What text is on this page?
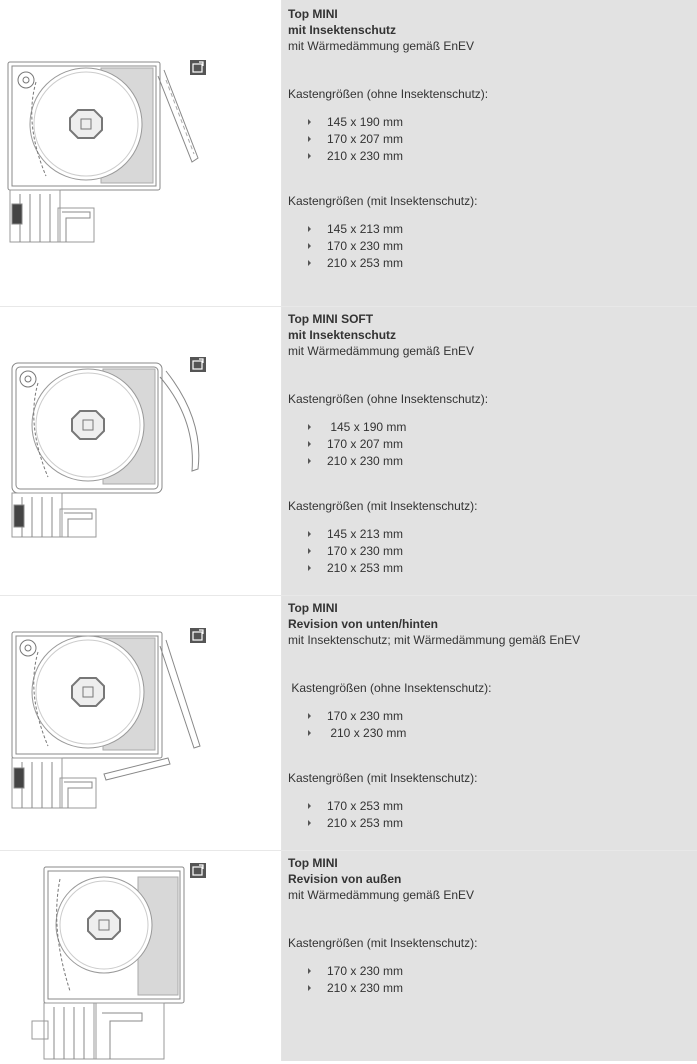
Top MINI
mit Insektenschutz
mit Wärmedämmung gemäß EnEV
Kastengrößen (ohne Insektenschutz):
145 x 190 mm
170 x 207 mm
210 x 230 mm
Kastengrößen (mit Insektenschutz):
145 x 213 mm
170 x 230 mm
210 x 253 mm
Top MINI SOFT
mit Insektenschutz
mit Wärmedämmung gemäß EnEV
Kastengrößen (ohne Insektenschutz):
145 x 190 mm
170 x 207 mm
210 x 230 mm
Kastengrößen (mit Insektenschutz):
145 x 213 mm
170 x 230 mm
210 x 253 mm
Top MINI
Revision von unten/hinten
mit Insektenschutz; mit Wärmedämmung gemäß EnEV
Kastengrößen (ohne Insektenschutz):
170 x 230 mm
210 x 230 mm
Kastengrößen (mit Insektenschutz):
170 x 253 mm
210 x 253 mm
Top MINI
Revision von außen
mit Wärmedämmung gemäß EnEV
Kastengrößen (mit Insektenschutz):
170 x 230 mm
210 x 230 mm
